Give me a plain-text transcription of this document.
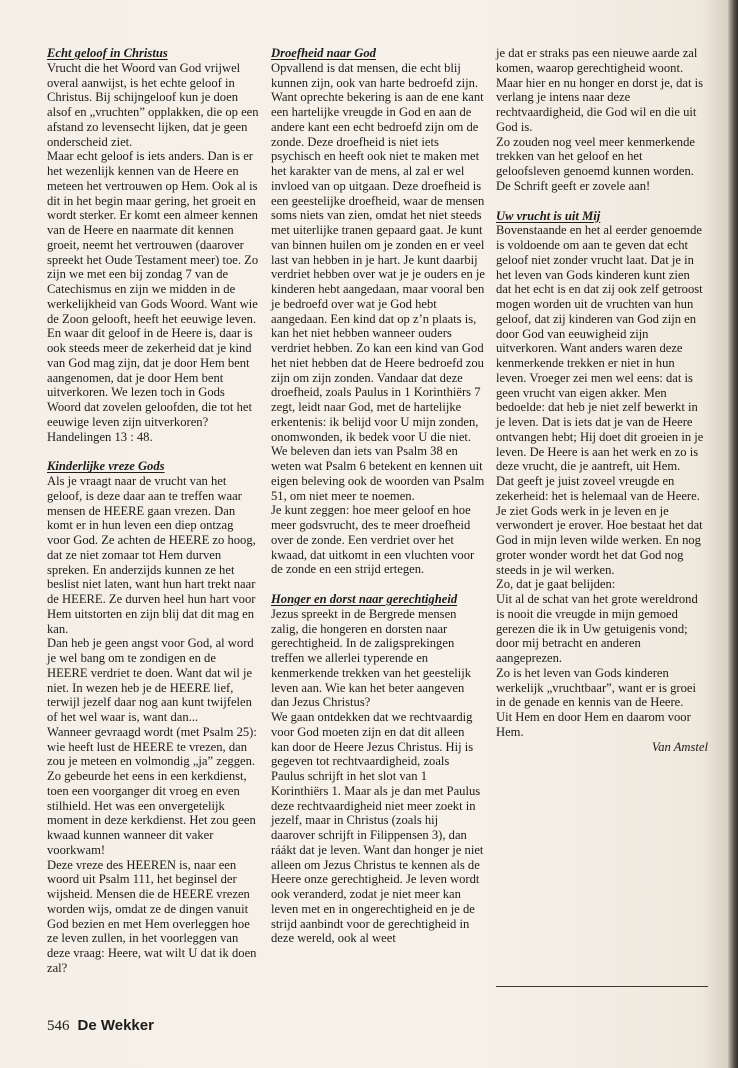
Echt geloof in Christus

Vrucht die het Woord van God vrijwel overal aanwijst, is het echte geloof in Christus. Bij schijngeloof kun je doen alsof en „vruchten” opplakken, die op een afstand zo levensecht lijken, dat je geen onderscheid ziet.

Maar echt geloof is iets anders. Dan is er het wezenlijk kennen van de Heere en meteen het vertrouwen op Hem. Ook al is dit in het begin maar gering, het groeit en wordt sterker. Er komt een almeer kennen van de Heere en naarmate dit kennen groeit, neemt het vertrouwen (daarover spreekt het Oude Testament meer) toe. Zo zijn we met een bij zondag 7 van de Catechismus en zijn we midden in de werkelijkheid van Gods Woord. Want wie de Zoon gelooft, heeft het eeuwige leven. En waar dit geloof in de Heere is, daar is ook steeds meer de zekerheid dat je kind van God mag zijn, dat je door Hem bent aangenomen, dat je door Hem bent uitverkoren. We lezen toch in Gods Woord dat zovelen geloofden, die tot het eeuwige leven zijn uitverkoren? Handelingen 13 : 48.

Kinderlijke vreze Gods

Als je vraagt naar de vrucht van het geloof, is deze daar aan te treffen waar mensen de HEERE gaan vrezen. Dan komt er in hun leven een diep ontzag voor God. Ze achten de HEERE zo hoog, dat ze niet zomaar tot Hem durven spreken. En anderzijds kunnen ze het beslist niet laten, want hun hart trekt naar de HEERE. Ze durven heel hun hart voor Hem uitstorten en zijn blij dat dit mag en kan.

Dan heb je geen angst voor God, al word je wel bang om te zondigen en de HEERE verdriet te doen. Want dat wil je niet. In wezen heb je de HEERE lief, terwijl jezelf daar nog aan kunt twijfelen of het wel waar is, want dan...

Wanneer gevraagd wordt (met Psalm 25): wie heeft lust de HEERE te vrezen, dan zou je meteen en volmondig „ja” zeggen. Zo gebeurde het eens in een kerkdienst, toen een voorganger dit vroeg en even stilhield. Het was een onvergetelijk moment in deze kerkdienst. Het zou geen kwaad kunnen wanneer dit vaker voorkwam!

Deze vreze des HEEREN is, naar een woord uit Psalm 111, het beginsel der wijsheid. Mensen die de HEERE vrezen worden wijs, omdat ze de dingen vanuit God bezien en met Hem overleggen hoe ze leven zullen, in het voorleggen van deze vraag: Heere, wat wilt U dat ik doen zal?

Droefheid naar God

Opvallend is dat mensen, die echt blij kunnen zijn, ook van harte bedroefd zijn. Want oprechte bekering is aan de ene kant een hartelijke vreugde in God en aan de andere kant een echt bedroefd zijn om de zonde. Deze droefheid is niet iets psychisch en heeft ook niet te maken met het karakter van de mens, al zal er wel invloed van op uitgaan. Deze droefheid is een geestelijke droefheid, waar de mensen soms niets van zien, omdat het niet steeds met uiterlijke tranen gepaard gaat. Je kunt van binnen huilen om je zonden en er veel last van hebben in je hart. Je kunt daarbij verdriet hebben over wat je je ouders en je kinderen hebt aangedaan, maar vooral ben je bedroefd over wat je God hebt aangedaan. Een kind dat op z’n plaats is, kan het niet hebben wanneer ouders verdriet hebben. Zo kan een kind van God het niet hebben dat de Heere bedroefd zou zijn om zijn zonden. Vandaar dat deze droefheid, zoals Paulus in 1 Korinthiërs 7 zegt, leidt naar God, met de hartelijke erkentenis: ik belijd voor U mijn zonden, onomwonden, ik bedek voor U die niet. We beleven dan iets van Psalm 38 en weten wat Psalm 6 betekent en kennen uit eigen beleving ook de woorden van Psalm 51, om niet meer te noemen.

Je kunt zeggen: hoe meer geloof en hoe meer godsvrucht, des te meer droefheid over de zonde. Een verdriet over het kwaad, dat uitkomt in een vluchten voor de zonde en een strijd ertegen.

Honger en dorst naar gerechtigheid

Jezus spreekt in de Bergrede mensen zalig, die hongeren en dorsten naar gerechtigheid. In de zaligsprekingen treffen we allerlei typerende en kenmerkende trekken van het geestelijk leven aan. Wie kan het beter aangeven dan Jezus Christus?

We gaan ontdekken dat we rechtvaardig voor God moeten zijn en dat dit alleen kan door de Heere Jezus Christus. Hij is gegeven tot rechtvaardigheid, zoals Paulus schrijft in het slot van 1 Korinthiërs 1. Maar als je dan met Paulus deze rechtvaardigheid niet meer zoekt in jezelf, maar in Christus (zoals hij daarover schrijft in Filippensen 3), dan ráákt dat je leven. Want dan honger je niet alleen om Jezus Christus te kennen als de Heere onze gerechtigheid. Je leven wordt ook veranderd, zodat je niet meer kan leven met en in ongerechtigheid en je de strijd aanbindt voor de gerechtigheid in deze wereld, ook al weet

je dat er straks pas een nieuwe aarde zal komen, waarop gerechtigheid woont. Maar hier en nu honger en dorst je, dat is verlang je intens naar deze rechtvaardigheid, die God wil en die uit God is.

Zo zouden nog veel meer kenmerkende trekken van het geloof en het geloofsleven genoemd kunnen worden. De Schrift geeft er zovele aan!

Uw vrucht is uit Mij

Bovenstaande en het al eerder genoemde is voldoende om aan te geven dat echt geloof niet zonder vrucht laat. Dat je in het leven van Gods kinderen kunt zien dat het echt is en dat zij ook zelf getroost mogen worden uit de vruchten van hun geloof, dat zij kinderen van God zijn en door God van eeuwigheid zijn uitverkoren. Want anders waren deze kenmerkende trekken er niet in hun leven. Vroeger zei men wel eens: dat is geen vrucht van eigen akker. Men bedoelde: dat heb je niet zelf bewerkt in je leven. Dat is iets dat je van de Heere ontvangen hebt; Hij doet dit groeien in je leven. De Heere is aan het werk en zo is deze vrucht, die je aantreft, uit Hem.

Dat geeft je juist zoveel vreugde en zekerheid: het is helemaal van de Heere. Je ziet Gods werk in je leven en je verwondert je erover. Hoe bestaat het dat God in mijn leven wilde werken. En nog groter wonder wordt het dat God nog steeds in je wil werken.

Zo, dat je gaat belijden:

Uit al de schat van het grote wereldrond is nooit die vreugde in mijn gemoed gerezen die ik in Uw getuigenis vond; door mij betracht en anderen aangeprezen.

Zo is het leven van Gods kinderen werkelijk „vruchtbaar”, want er is groei in de genade en kennis van de Heere.

Uit Hem en door Hem en daarom voor Hem.

Van Amstel

546 De Wekker
